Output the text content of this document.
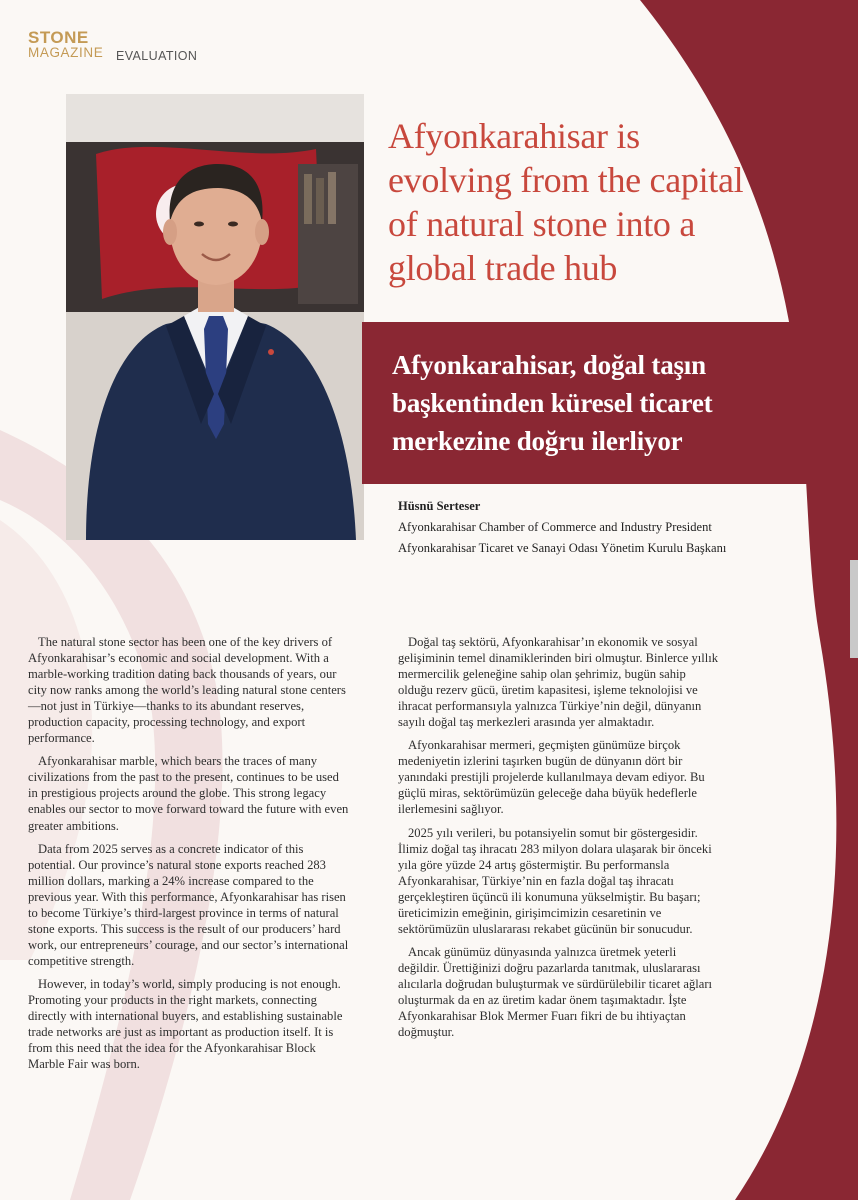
STONE
MAGAZINE EVALUATION
Afyonkarahisar is
evolving from the capital
of natural stone into a
global trade hub
Afyonkarahisar, doğal taşın
başkentinden küresel ticaret
merkezine doğru ilerliyor
Hüsnü Serteser
Afyonkarahisar Chamber of Commerce and Industry President
Afyonkarahisar Ticaret ve Sanayi Odası Yönetim Kurulu Başkanı

The natural stone sector has been one of the key drivers of Afyonkarahisar’s economic and social development. With a marble-working tradition dating back thousands of years, our city now ranks among the world’s leading natural stone centers—not just in Türkiye—thanks to its abundant reserves, production capacity, processing technology, and export performance.

Afyonkarahisar marble, which bears the traces of many civilizations from the past to the present, continues to be used in prestigious projects around the globe. This strong legacy enables our sector to move forward toward the future with even greater ambitions.

Data from 2025 serves as a concrete indicator of this potential. Our province’s natural stone exports reached 283 million dollars, marking a 24% increase compared to the previous year. With this performance, Afyonkarahisar has risen to become Türkiye’s third-largest province in terms of natural stone exports. This success is the result of our producers’ hard work, our entrepreneurs’ courage, and our sector’s international competitive strength.

However, in today’s world, simply producing is not enough. Promoting your products in the right markets, connecting directly with international buyers, and establishing sustainable trade networks are just as important as production itself. It is from this need that the idea for the Afyonkarahisar Block Marble Fair was born.

Doğal taş sektörü, Afyonkarahisar’ın ekonomik ve sosyal gelişiminin temel dinamiklerinden biri olmuştur. Binlerce yıllık mermercilik geleneğine sahip olan şehrimiz, bugün sahip olduğu rezerv gücü, üretim kapasitesi, işleme teknolojisi ve ihracat performansıyla yalnızca Türkiye’nin değil, dünyanın sayılı doğal taş merkezleri arasında yer almaktadır.

Afyonkarahisar mermeri, geçmişten günümüze birçok medeniyetin izlerini taşırken bugün de dünyanın dört bir yanındaki prestijli projelerde kullanılmaya devam ediyor. Bu güçlü miras, sektörümüzün geleceğe daha büyük hedeflerle ilerlemesini sağlıyor.

2025 yılı verileri, bu potansiyelin somut bir göstergesidir. İlimiz doğal taş ihracatı 283 milyon dolara ulaşarak bir önceki yıla göre yüzde 24 artış göstermiştir. Bu performansla Afyonkarahisar, Türkiye’nin en fazla doğal taş ihracatı gerçekleştiren üçüncü ili konumuna yükselmiştir. Bu başarı; üreticimizin emeğinin, girişimcimizin cesaretinin ve sektörümüzün uluslararası rekabet gücünün bir sonucudur.

Ancak günümüz dünyasında yalnızca üretmek yeterli değildir. Ürettiğinizi doğru pazarlarda tanıtmak, uluslararası alıcılarla doğrudan buluşturmak ve sürdürülebilir ticaret ağları oluşturmak da en az üretim kadar önem taşımaktadır. İşte Afyonkarahisar Blok Mermer Fuarı fikri de bu ihtiyaçtan doğmuştur.
